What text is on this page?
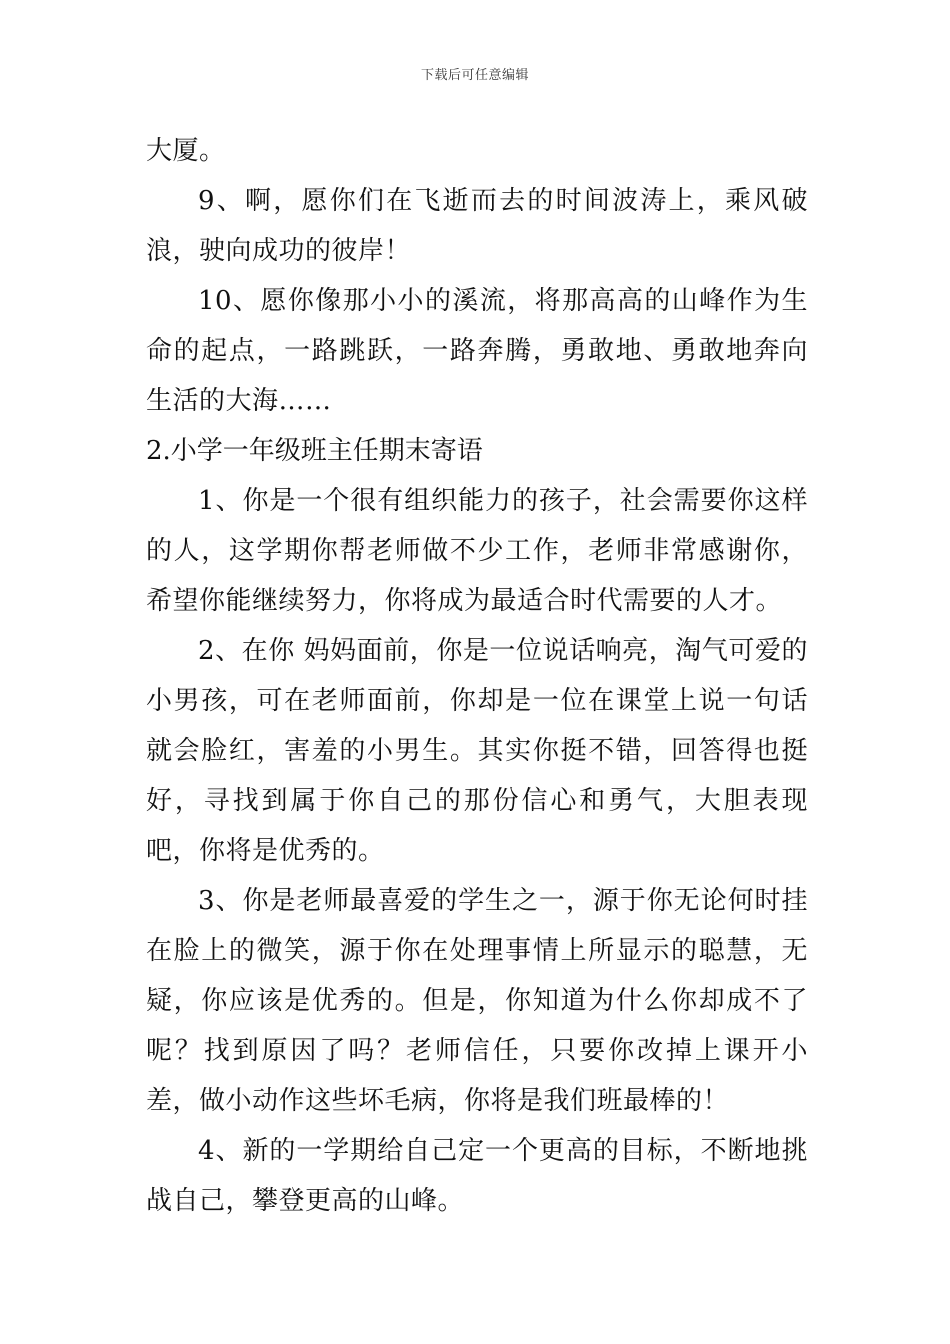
下载后可任意编辑

大厦。

9、啊，愿你们在飞逝而去的时间波涛上，乘风破浪，驶向成功的彼岸！

10、愿你像那小小的溪流，将那高高的山峰作为生命的起点，一路跳跃，一路奔腾，勇敢地、勇敢地奔向生活的大海……

2.小学一年级班主任期末寄语

1、你是一个很有组织能力的孩子，社会需要你这样的人，这学期你帮老师做不少工作，老师非常感谢你，希望你能继续努力，你将成为最适合时代需要的人才。

2、在你 妈妈面前，你是一位说话响亮，淘气可爱的小男孩，可在老师面前，你却是一位在课堂上说一句话就会脸红，害羞的小男生。其实你挺不错，回答得也挺好，寻找到属于你自己的那份信心和勇气，大胆表现吧，你将是优秀的。

3、你是老师最喜爱的学生之一，源于你无论何时挂在脸上的微笑，源于你在处理事情上所显示的聪慧，无疑，你应该是优秀的。但是，你知道为什么你却成不了呢？找到原因了吗？老师信任，只要你改掉上课开小差，做小动作这些坏毛病，你将是我们班最棒的！

4、新的一学期给自己定一个更高的目标，不断地挑战自己，攀登更高的山峰。
